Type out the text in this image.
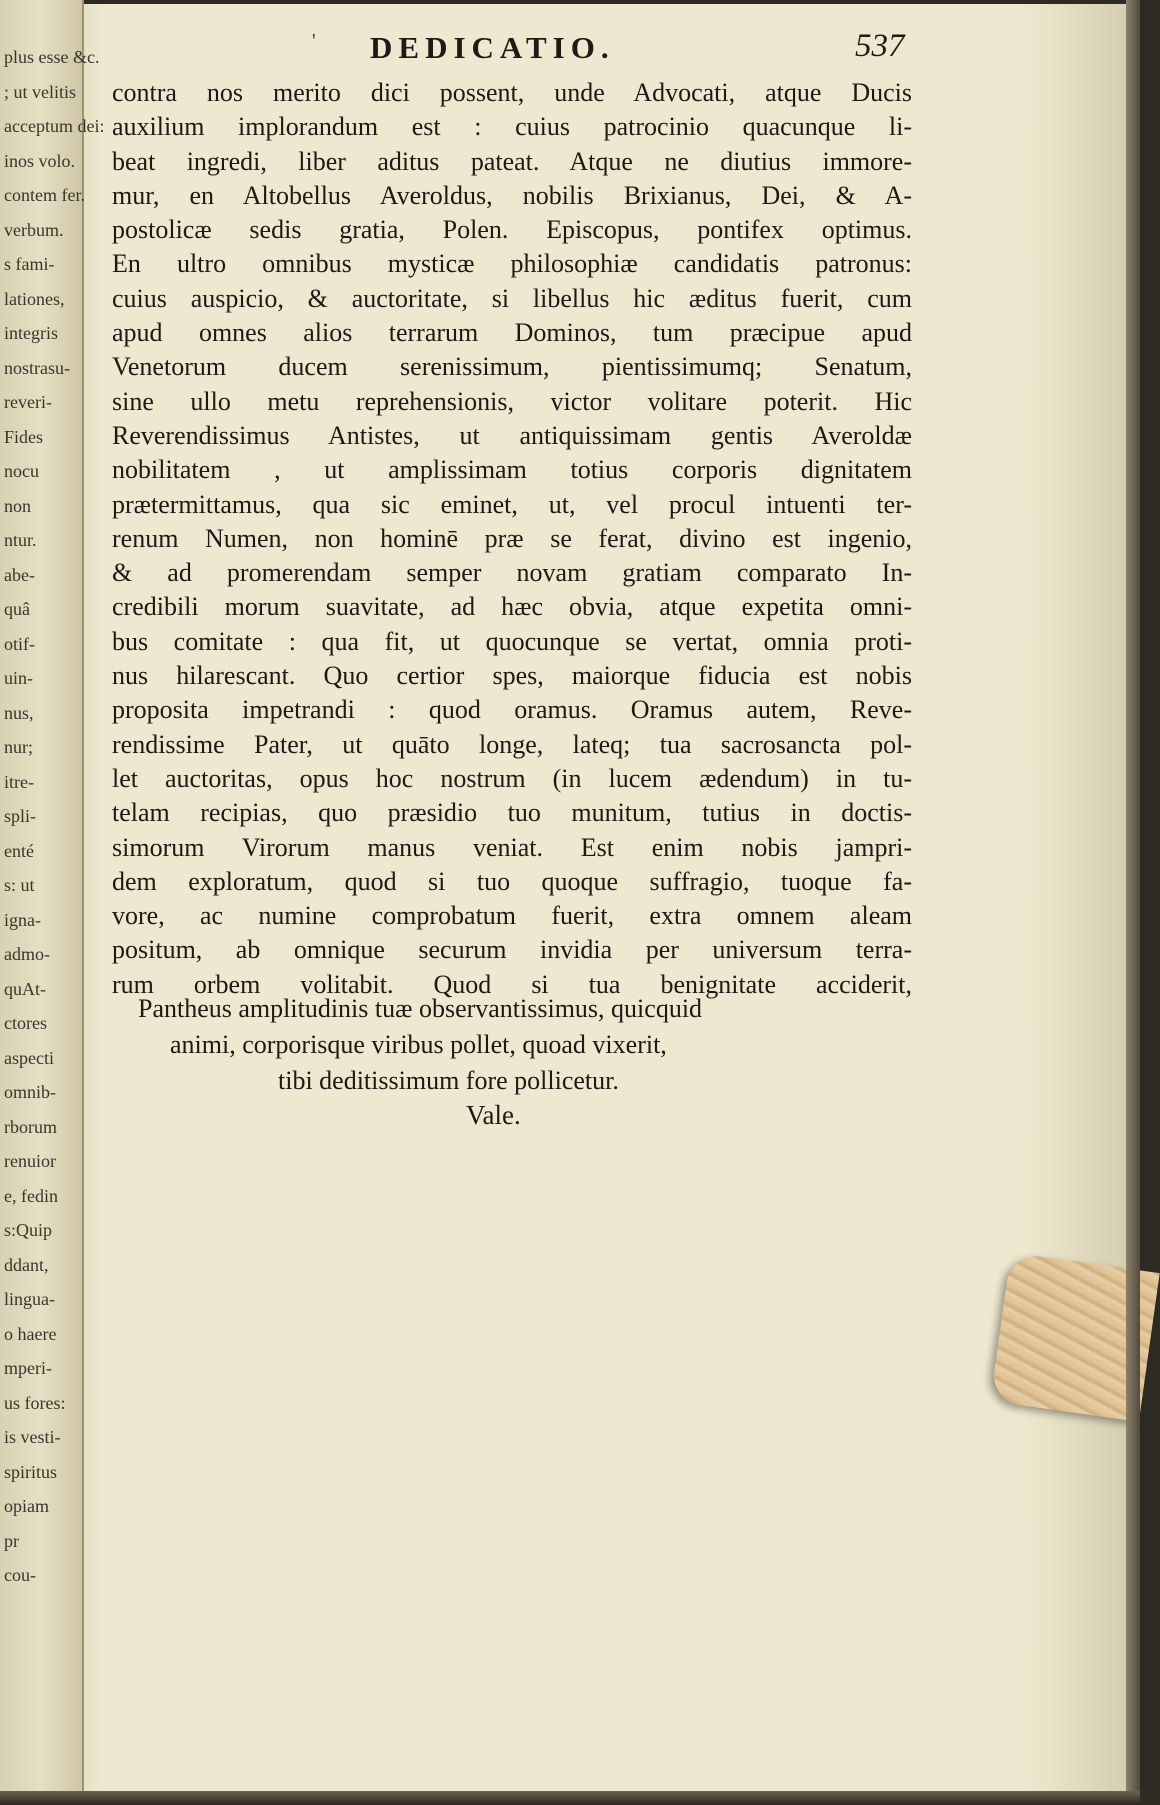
plus esse &c.
; ut velitis
acceptum dei:
inos volo.
contem fer.
verbum.
s fami-
lationes,
integris
nostrasu-
reveri-
Fides
nocu
non
ntur.
abe-
quâ
otif-
uin-
nus,
nur;
itre-
spli-
enté
s: ut
igna-
admo-
quAt-
ctores
aspecti
omnib-
rborum
renuior
e, fedin
s:Quip
ddant,
lingua-
o haere
mperi-
us fores:
is vesti-
spiritus
opiam
pr
cou-
' DEDICATIO.	537
contra nos merito dici possent, unde Advocati, atque Ducis
auxilium implorandum est : cuius patrocinio quacunque li-
beat ingredi, liber aditus pateat. Atque ne diutius immore-
mur, en Altobellus Averoldus, nobilis Brixianus, Dei, & A-
postolicæ sedis gratia, Polen. Episcopus, pontifex optimus.
En ultro omnibus mysticæ philosophiæ candidatis patronus:
cuius auspicio, & auctoritate, si libellus hic æditus fuerit, cum
apud omnes alios terrarum Dominos, tum præcipue apud
Venetorum ducem serenissimum, pientissimumq; Senatum,
sine ullo metu reprehensionis, victor volitare poterit. Hic
Reverendissimus Antistes, ut antiquissimam gentis Averoldæ
nobilitatem , ut amplissimam totius corporis dignitatem
prætermittamus, qua sic eminet, ut, vel procul intuenti ter-
renum Numen, non hominē præ se ferat, divino est ingenio,
& ad promerendam semper novam gratiam comparato In-
credibili morum suavitate, ad hæc obvia, atque expetita omni-
bus comitate : qua fit, ut quocunque se vertat, omnia proti-
nus hilarescant. Quo certior spes, maiorque fiducia est nobis
proposita impetrandi : quod oramus. Oramus autem, Reve-
rendissime Pater, ut quāto longe, lateq; tua sacrosancta pol-
let auctoritas, opus hoc nostrum (in lucem ædendum) in tu-
telam recipias, quo præsidio tuo munitum, tutius in doctis-
simorum Virorum manus veniat. Est enim nobis jampri-
dem exploratum, quod si tuo quoque suffragio, tuoque fa-
vore, ac numine comprobatum fuerit, extra omnem aleam
positum, ab omnique securum invidia per universum terra-
rum orbem volitabit. Quod si tua benignitate acciderit,
Pantheus amplitudinis tuæ observantissimus, quicquid
animi, corporisque viribus pollet, quoad vixerit,
tibi deditissimum fore pollicetur.
Vale.
